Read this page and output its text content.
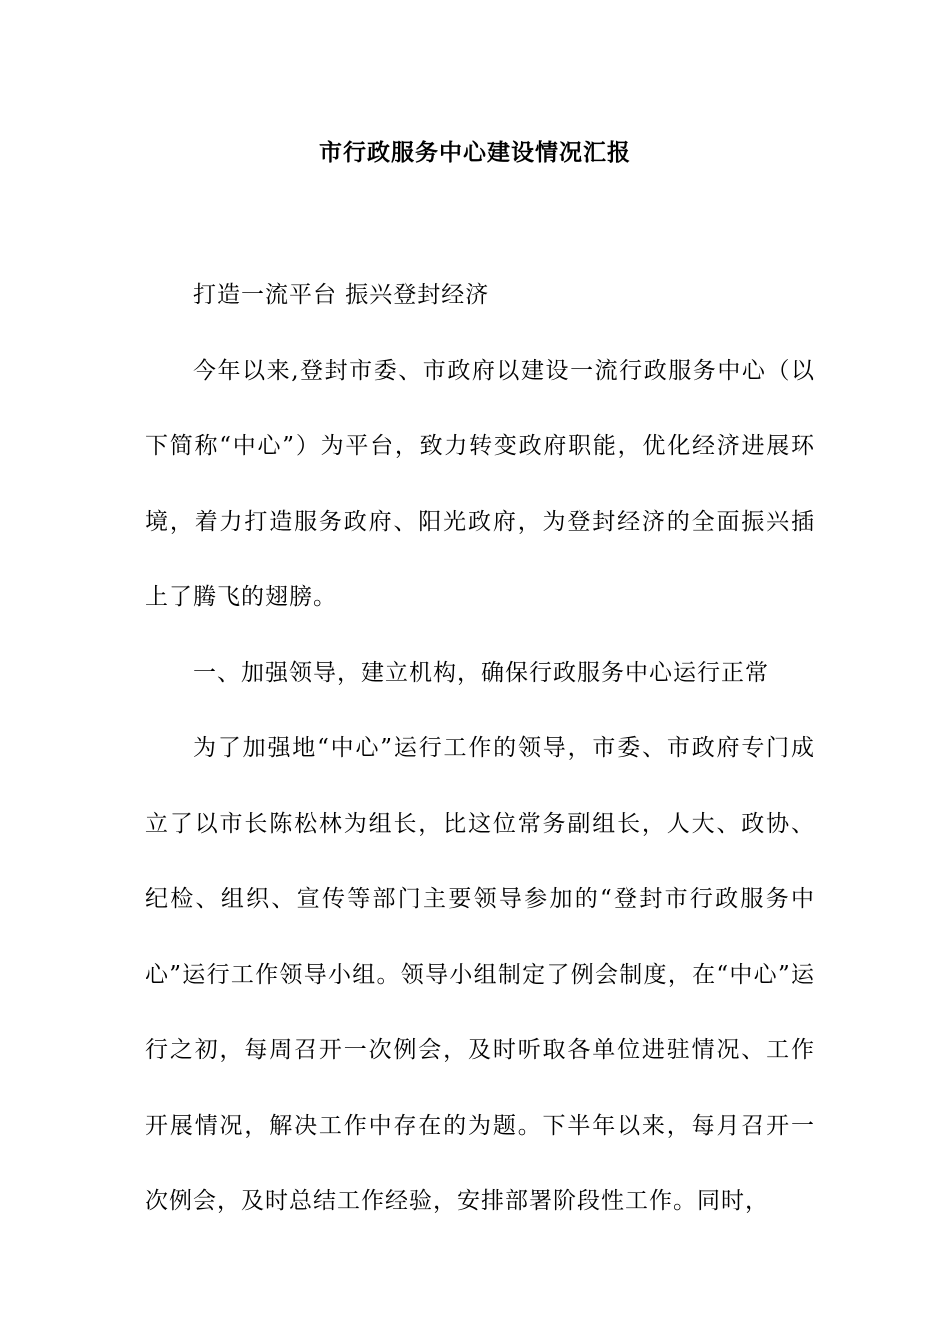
市行政服务中心建设情况汇报

打造一流平台 振兴登封经济

今年以来,登封市委、市政府以建设一流行政服务中心（以下简称“中心”）为平台，致力转变政府职能，优化经济进展环境，着力打造服务政府、阳光政府，为登封经济的全面振兴插上了腾飞的翅膀。

一、加强领导，建立机构，确保行政服务中心运行正常

为了加强地“中心”运行工作的领导，市委、市政府专门成立了以市长陈松林为组长，比这位常务副组长，人大、政协、纪检、组织、宣传等部门主要领导参加的“登封市行政服务中心”运行工作领导小组。领导小组制定了例会制度，在“中心”运行之初，每周召开一次例会，及时听取各单位进驻情况、工作开展情况，解决工作中存在的为题。下半年以来，每月召开一次例会，及时总结工作经验，安排部署阶段性工作。同时，
